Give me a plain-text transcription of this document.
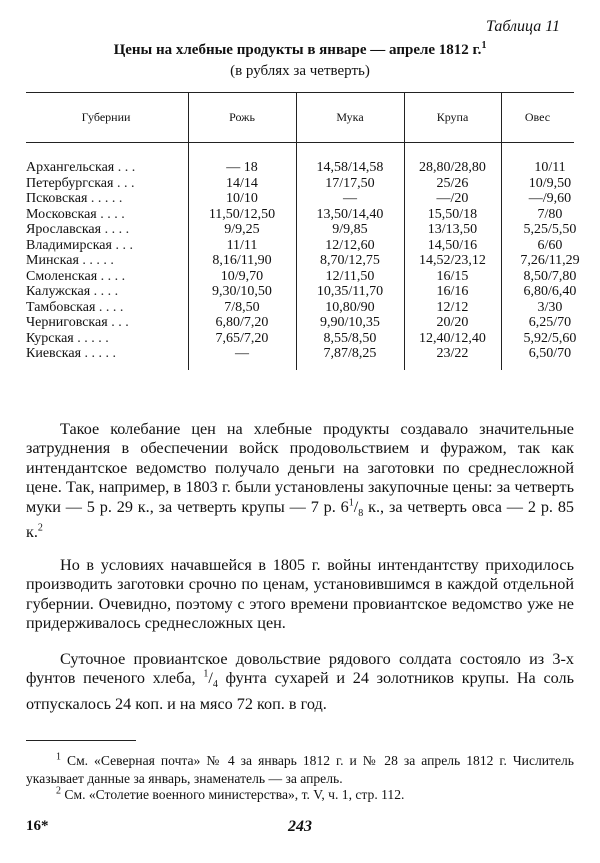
Таблица 11
Цены на хлебные продукты в январе — апреле 1812 г.$^1$
(в рублях за четверть)
Губернии	Рожь	Мука	Крупа	Овес
Архангельская . . .	— 18	14,58/14,58	28,80/28,80	10/11
Петербургская . . .	14/14	17/17,50	25/26	10/9,50
Псковская . . . . .	10/10	—	—/20	—/9,60
Московская . . . .	11,50/12,50	13,50/14,40	15,50/18	7/80
Ярославская . . . .	9/9,25	9/9,85	13/13,50	5,25/5,50
Владимирская . . .	11/11	12/12,60	14,50/16	6/60
Минская . . . . .	8,16/11,90	8,70/12,75	14,52/23,12	7,26/11,29
Смоленская . . . .	10/9,70	12/11,50	16/15	8,50/7,80
Калужская . . . .	9,30/10,50	10,35/11,70	16/16	6,80/6,40
Тамбовская . . . .	7/8,50	10,80/90	12/12	3/30
Черниговская . . .	6,80/7,20	9,90/10,35	20/20	6,25/70
Курская . . . . .	7,65/7,20	8,55/8,50	12,40/12,40	5,92/5,60
Киевская . . . . .	—	7,87/8,25	23/22	6,50/70
Такое колебание цен на хлебные продукты создавало значительные затруднения в обеспечении войск продовольствием и фуражом, так как интендантское ведомство получало деньги на заготовки по среднеcложной цене. Так, например, в 1803 г. были установлены закупочные цены: за четверть муки — 5 р. 29 к., за четверть крупы — 7 р. $6^1/_8$ к., за четверть овса — 2 р. 85 к.$^2$
Но в условиях начавшейся в 1805 г. войны интендантству приходилось производить заготовки срочно по ценам, установившимся в каждой отдельной губернии. Очевидно, поэтому с этого времени провиантское ведомство уже не придерживалось среднесложных цен.
Суточное провиантское довольствие рядового солдата состояло из 3-х фунтов печеного хлеба, $^1/_4$ фунта сухарей и 24 золотников крупы. На соль отпускалось 24 коп. и на мясо 72 коп. в год.
$^1$ См. «Северная почта» № 4 за январь 1812 г. и № 28 за апрель 1812 г. Числитель указывает данные за январь, знаменатель — за апрель.
$^2$ См. «Столетие военного министерства», т. V, ч. 1, стр. 112.
16*	243
